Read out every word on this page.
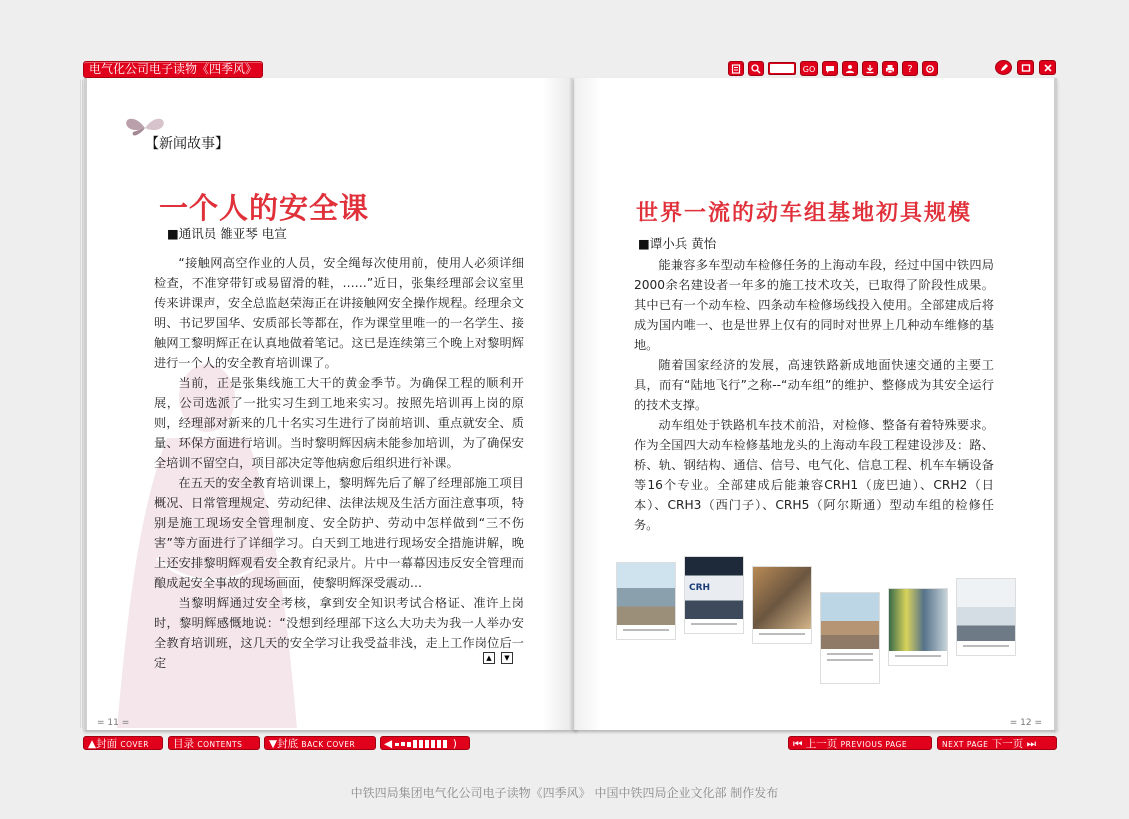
电气化公司电子读物《四季风》	GO	?
【新闻故事】
一个人的安全课
■通讯员 雒亚琴 电宣

“接触网高空作业的人员，安全绳每次使用前，使用人必须详细检查，不准穿带钉或易留滑的鞋，……”近日，张集经理部会议室里传来讲课声，安全总监赵荣海正在讲接触网安全操作规程。经理余文明、书记罗国华、安质部长等都在，作为课堂里唯一的一名学生、接触网工黎明辉正在认真地做着笔记。这已是连续第三个晚上对黎明辉进行一个人的安全教育培训课了。

当前，正是张集线施工大干的黄金季节。为确保工程的顺利开展，公司选派了一批实习生到工地来实习。按照先培训再上岗的原则，经理部对新来的几十名实习生进行了岗前培训、重点就安全、质量、环保方面进行培训。当时黎明辉因病未能参加培训，为了确保安全培训不留空白，项目部决定等他病愈后组织进行补课。

在五天的安全教育培训课上，黎明辉先后了解了经理部施工项目概况、日常管理规定、劳动纪律、法律法规及生活方面注意事项，特别是施工现场安全管理制度、安全防护、劳动中怎样做到“三不伤害”等方面进行了详细学习。白天到工地进行现场安全措施讲解，晚上还安排黎明辉观看安全教育纪录片。片中一幕幕因违反安全管理而酿成起安全事故的现场画面，使黎明辉深受震动…

当黎明辉通过安全考核，拿到安全知识考试合格证、准许上岗时，黎明辉感慨地说：“没想到经理部下这么大功夫为我一人举办安全教育培训班，这几天的安全学习让我受益非浅，走上工作岗位后一定	▲	▼
= 11 =
世界一流的动车组基地初具规模
■谭小兵 黄怡

能兼容多车型动车检修任务的上海动车段，经过中国中铁四局2000余名建设者一年多的施工技术攻关，已取得了阶段性成果。其中已有一个动车检、四条动车检修场线投入使用。全部建成后将成为国内唯一、也是世界上仅有的同时对世界上几种动车维修的基地。

随着国家经济的发展，高速铁路新成地面快速交通的主要工具，而有“陆地飞行”之称--“动车组”的维护、整修成为其安全运行的技术支撑。

动车组处于铁路机车技术前沿，对检修、整备有着特殊要求。作为全国四大动车检修基地龙头的上海动车段工程建设涉及：路、桥、轨、钢结构、通信、信号、电气化、信息工程、机车车辆设备等16个专业。全部建成后能兼容CRH1（庞巴迪）、CRH2（日本）、CRH3（西门子）、CRH5（阿尔斯通）型动车组的检修任务。

CRH
= 12 =
▲封面 COVER	目录 CONTENTS	▼封底 BACK COVER	◀	)	⏮ 上一页 PREVIOUS PAGE	NEXT PAGE 下一页 ⏭
中铁四局集团电气化公司电子读物《四季风》 中国中铁四局企业文化部 制作发布
